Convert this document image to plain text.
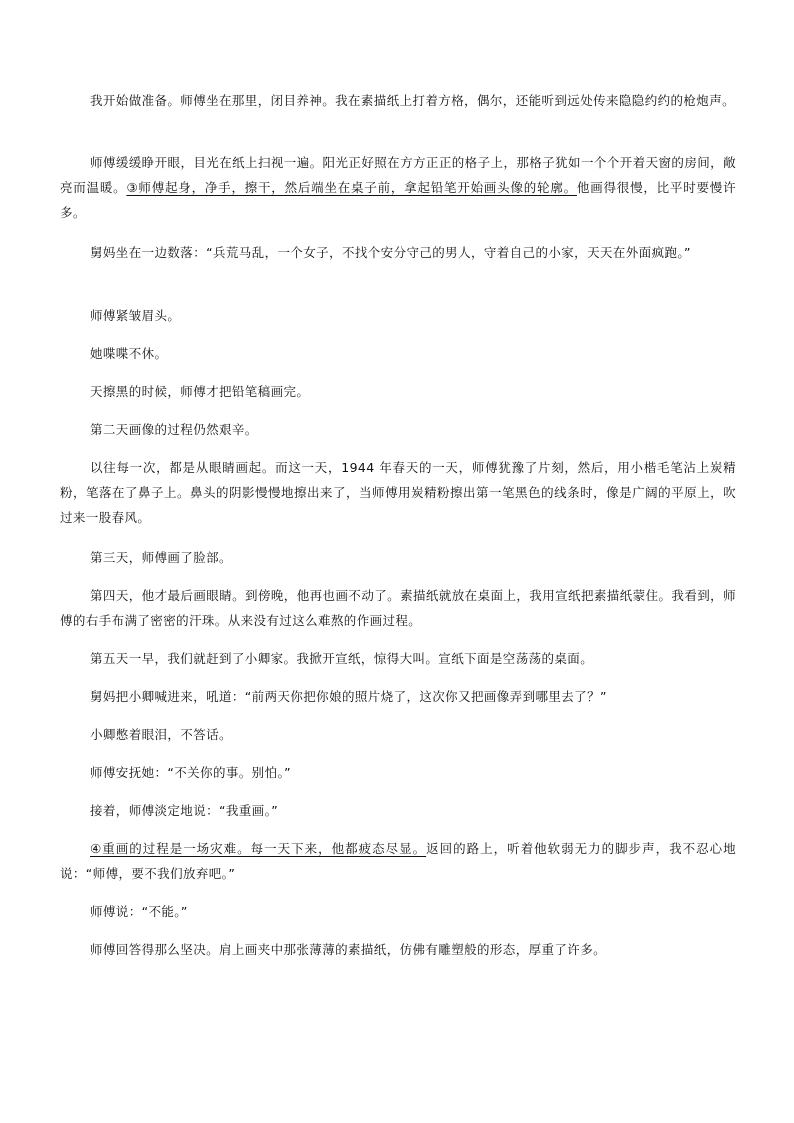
我开始做准备。师傅坐在那里，闭目养神。我在素描纸上打着方格，偶尔，还能听到远处传来隐隐约约的枪炮声。

师傅缓缓睁开眼，目光在纸上扫视一遍。阳光正好照在方方正正的格子上，那格子犹如一个个开着天窗的房间，敞亮而温暖。③师傅起身，净手，擦干，然后端坐在桌子前，拿起铅笔开始画头像的轮廓。他画得很慢，比平时要慢许多。

舅妈坐在一边数落：“兵荒马乱，一个女子，不找个安分守己的男人，守着自己的小家，天天在外面疯跑。”

师傅紧皱眉头。

她喋喋不休。

天擦黑的时候，师傅才把铅笔稿画完。

第二天画像的过程仍然艰辛。

以往每一次，都是从眼睛画起。而这一天，1944 年春天的一天，师傅犹豫了片刻，然后，用小楷毛笔沾上炭精粉，笔落在了鼻子上。鼻头的阴影慢慢地擦出来了，当师傅用炭精粉擦出第一笔黑色的线条时，像是广阔的平原上，吹过来一股春风。

第三天，师傅画了脸部。

第四天，他才最后画眼睛。到傍晚，他再也画不动了。素描纸就放在桌面上，我用宣纸把素描纸蒙住。我看到，师傅的右手布满了密密的汗珠。从来没有过这么难熬的作画过程。

第五天一早，我们就赶到了小卿家。我掀开宣纸，惊得大叫。宣纸下面是空荡荡的桌面。

舅妈把小卿喊进来，吼道：“前两天你把你娘的照片烧了，这次你又把画像弄到哪里去了？”

小卿憋着眼泪，不答话。

师傅安抚她：“不关你的事。别怕。”

接着，师傅淡定地说：“我重画。”

④重画的过程是一场灾难。每一天下来，他都疲态尽显。返回的路上，听着他软弱无力的脚步声，我不忍心地说：“师傅，要不我们放弃吧。”

师傅说：“不能。”

师傅回答得那么坚决。肩上画夹中那张薄薄的素描纸，仿佛有雕塑般的形态，厚重了许多。
